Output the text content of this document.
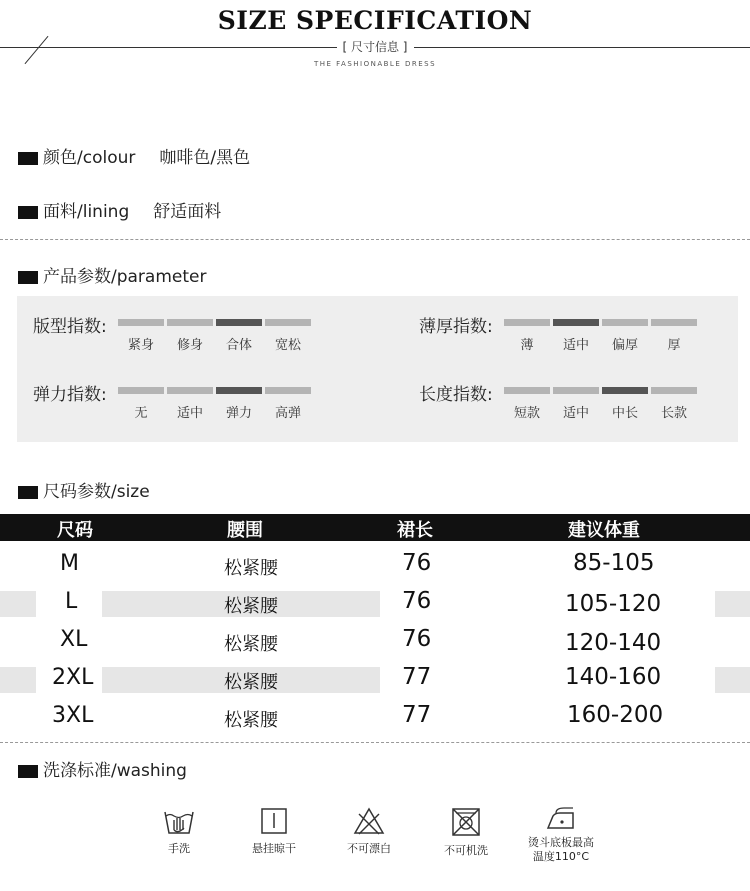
SIZE SPECIFICATION
[ 尺寸信息 ]
THE FASHIONABLE DRESS
颜色/colour 咖啡色/黑色
面料/lining 舒适面料
产品参数/parameter
版型指数:
紧身	修身	合体	宽松
薄厚指数:
薄	适中	偏厚	厚
弹力指数:
无	适中	弹力	高弹
长度指数:
短款	适中	中长	长款
尺码参数/size
尺码	腰围	裙长	建议体重
M	松紧腰	76	85-105
L	松紧腰	76	105-120
XL	松紧腰	76	120-140
2XL	松紧腰	77	140-160
3XL	松紧腰	77	160-200
洗涤标准/washing
手洗	悬挂晾干	不可漂白	不可机洗
烫斗底板最高
温度110°C
